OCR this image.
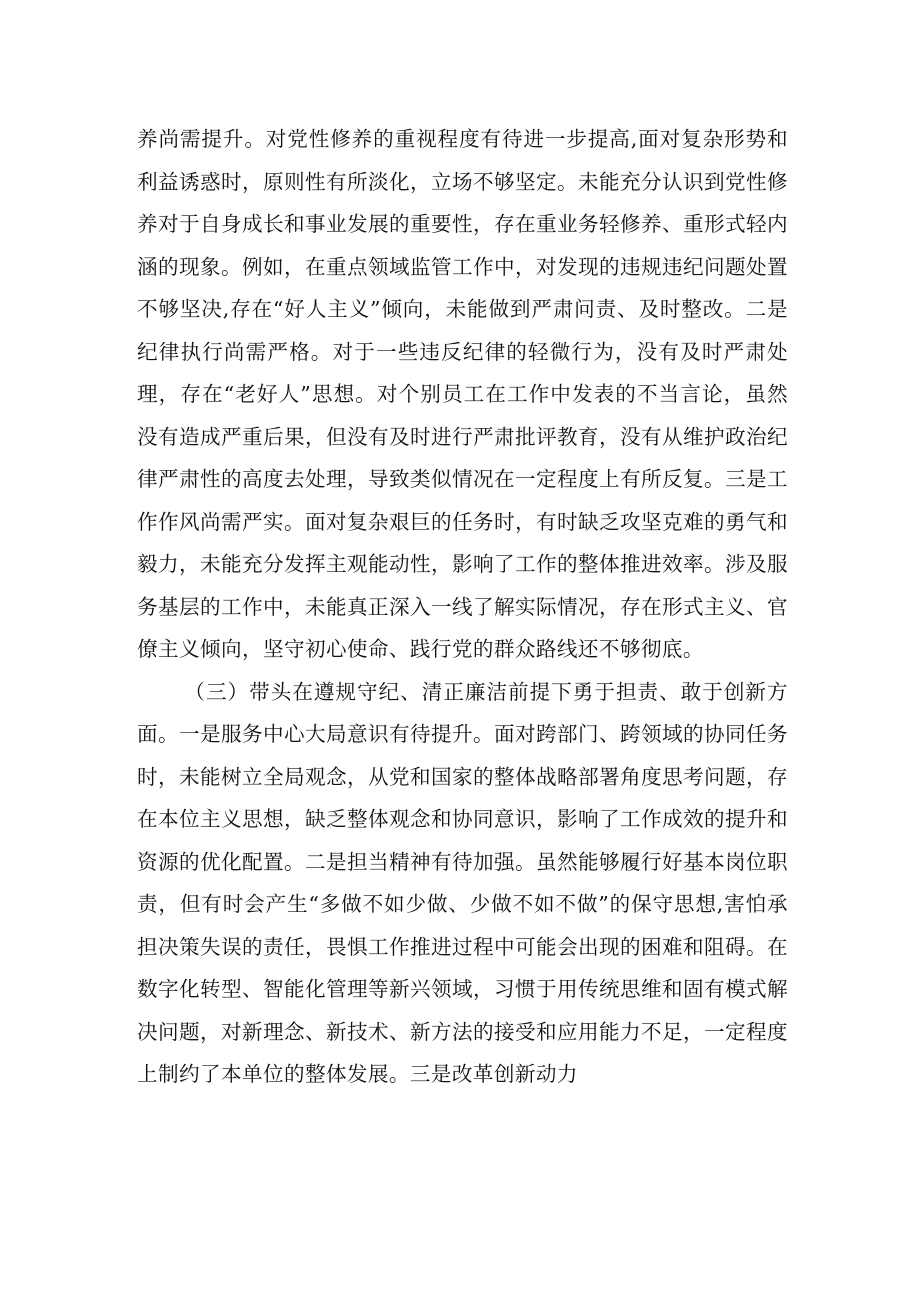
养尚需提升。对党性修养的重视程度有待进一步提高,面对复杂形势和利益诱惑时，原则性有所淡化，立场不够坚定。未能充分认识到党性修养对于自身成长和事业发展的重要性，存在重业务轻修养、重形式轻内涵的现象。例如，在重点领域监管工作中，对发现的违规违纪问题处置不够坚决,存在“好人主义”倾向，未能做到严肃问责、及时整改。二是纪律执行尚需严格。对于一些违反纪律的轻微行为，没有及时严肃处理，存在“老好人”思想。对个别员工在工作中发表的不当言论，虽然没有造成严重后果，但没有及时进行严肃批评教育，没有从维护政治纪律严肃性的高度去处理，导致类似情况在一定程度上有所反复。三是工作作风尚需严实。面对复杂艰巨的任务时，有时缺乏攻坚克难的勇气和毅力，未能充分发挥主观能动性，影响了工作的整体推进效率。涉及服务基层的工作中，未能真正深入一线了解实际情况，存在形式主义、官僚主义倾向，坚守初心使命、践行党的群众路线还不够彻底。

（三）带头在遵规守纪、清正廉洁前提下勇于担责、敢于创新方面。一是服务中心大局意识有待提升。面对跨部门、跨领域的协同任务时，未能树立全局观念，从党和国家的整体战略部署角度思考问题，存在本位主义思想，缺乏整体观念和协同意识，影响了工作成效的提升和资源的优化配置。二是担当精神有待加强。虽然能够履行好基本岗位职责，但有时会产生“多做不如少做、少做不如不做”的保守思想,害怕承担决策失误的责任，畏惧工作推进过程中可能会出现的困难和阻碍。在数字化转型、智能化管理等新兴领域，习惯于用传统思维和固有模式解决问题，对新理念、新技术、新方法的接受和应用能力不足，一定程度上制约了本单位的整体发展。三是改革创新动力
